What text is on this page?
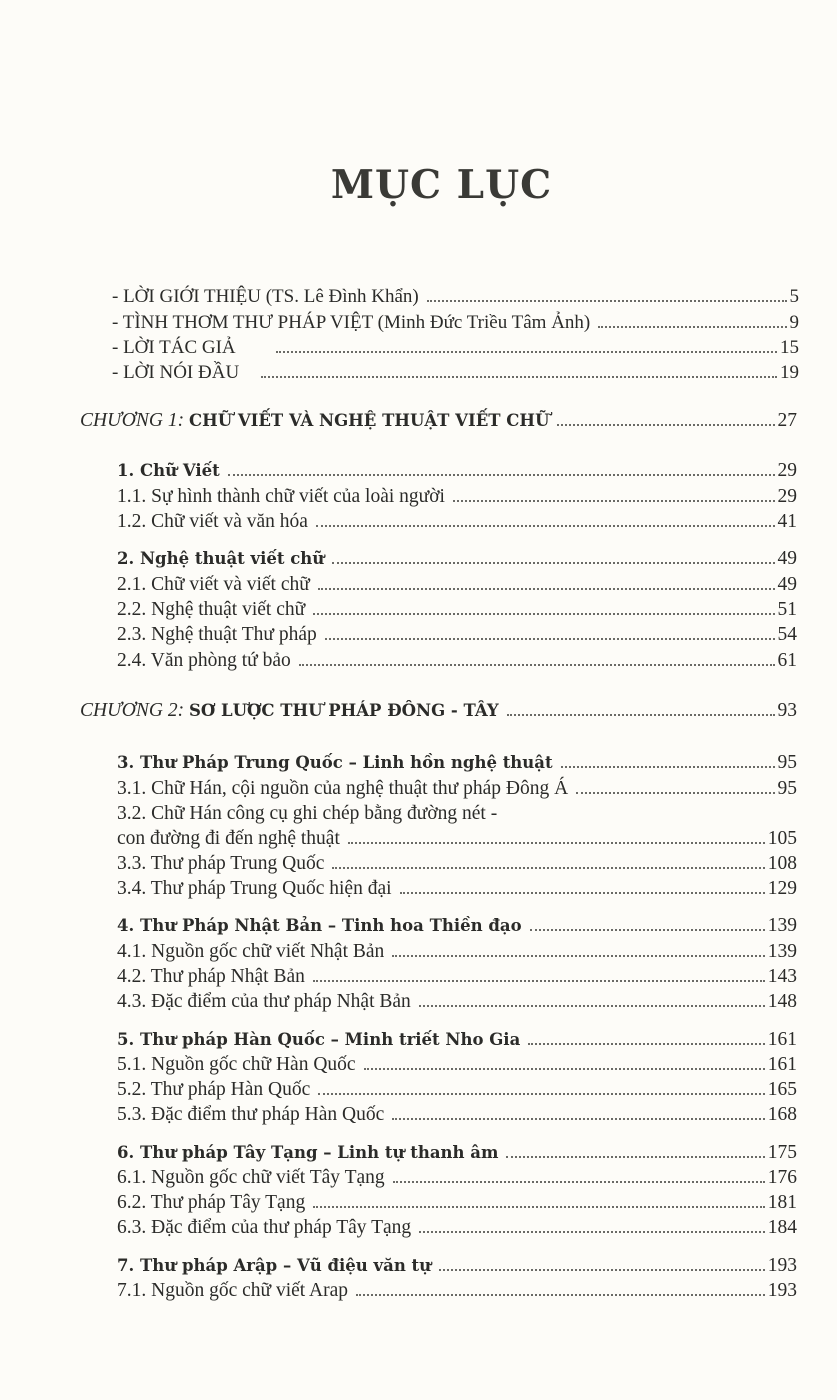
MỤC LỤC
- LỜI GIỚI THIỆU (TS. Lê Đình Khẩn)	5
- TÌNH THƠM THƯ PHÁP VIỆT (Minh Đức Triều Tâm Ảnh)	9
- LỜI TÁC GIẢ	15
- LỜI NÓI ĐẦU	19
CHƯƠNG 1: CHỮ VIẾT VÀ NGHỆ THUẬT VIẾT CHỮ	27
1. Chữ Viết	29
1.1. Sự hình thành chữ viết của loài người	29
1.2. Chữ viết và văn hóa	41
2. Nghệ thuật viết chữ	49
2.1. Chữ viết và viết chữ	49
2.2. Nghệ thuật viết chữ	51
2.3. Nghệ thuật Thư pháp	54
2.4. Văn phòng tứ bảo	61
CHƯƠNG 2: SƠ LƯỢC THƯ PHÁP ĐÔNG - TÂY	93
3. Thư Pháp Trung Quốc – Linh hồn nghệ thuật	95
3.1. Chữ Hán, cội nguồn của nghệ thuật thư pháp Đông Á	95
3.2. Chữ Hán công cụ ghi chép bằng đường nét -
con đường đi đến nghệ thuật	105
3.3. Thư pháp Trung Quốc	108
3.4. Thư pháp Trung Quốc hiện đại	129
4. Thư Pháp Nhật Bản – Tinh hoa Thiền đạo	139
4.1. Nguồn gốc chữ viết Nhật Bản	139
4.2. Thư pháp Nhật Bản	143
4.3. Đặc điểm của thư pháp Nhật Bản	148
5. Thư pháp Hàn Quốc – Minh triết Nho Gia	161
5.1. Nguồn gốc chữ Hàn Quốc	161
5.2. Thư pháp Hàn Quốc	165
5.3. Đặc điểm thư pháp Hàn Quốc	168
6. Thư pháp Tây Tạng – Linh tự thanh âm	175
6.1. Nguồn gốc chữ viết Tây Tạng	176
6.2. Thư pháp Tây Tạng	181
6.3. Đặc điểm của thư pháp Tây Tạng	184
7. Thư pháp Arập – Vũ điệu văn tự	193
7.1. Nguồn gốc chữ viết Arap	193
